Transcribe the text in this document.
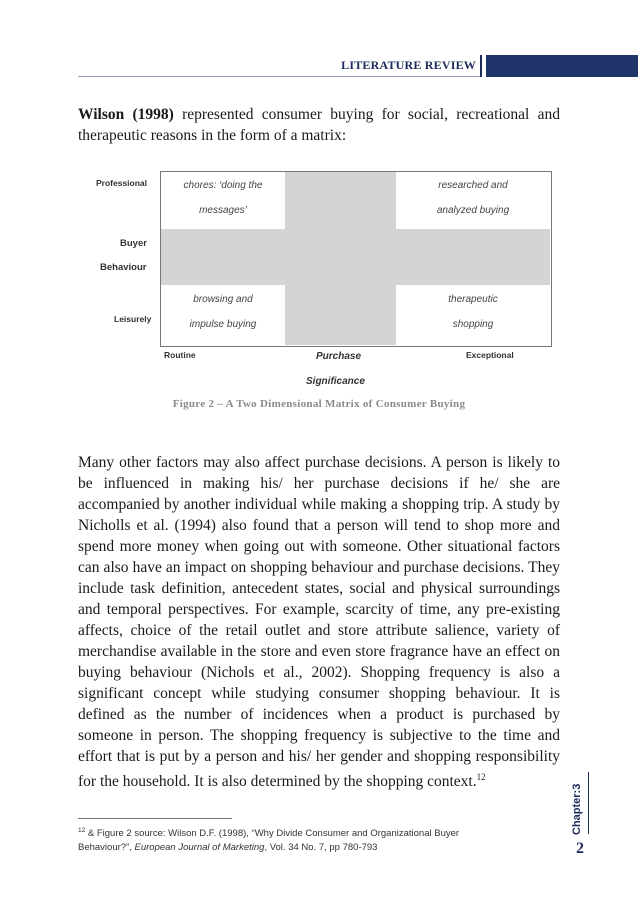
LITERATURE REVIEW

Wilson (1998) represented consumer buying for social, recreational and therapeutic reasons in the form of a matrix:

Professional
Buyer
Behaviour
Leisurely
chores: ‘doing the
messages’
researched and
analyzed buying
browsing and
impulse buying
therapeutic
shopping
Routine	Exceptional
Purchase
Significance
Figure 2 – A Two Dimensional Matrix of Consumer Buying

Many other factors may also affect purchase decisions. A person is likely to be influenced in making his/ her purchase decisions if he/ she are accompanied by another individual while making a shopping trip. A study by Nicholls et al. (1994) also found that a person will tend to shop more and spend more money when going out with someone. Other situational factors can also have an impact on shopping behaviour and purchase decisions. They include task definition, antecedent states, social and physical surroundings and temporal perspectives. For example, scarcity of time, any pre-existing affects, choice of the retail outlet and store attribute salience, variety of merchandise available in the store and even store fragrance have an effect on buying behaviour (Nichols et al., 2002). Shopping frequency is also a significant concept while studying consumer shopping behaviour. It is defined as the number of incidences when a product is purchased by someone in person. The shopping frequency is subjective to the time and effort that is put by a person and his/ her gender and shopping responsibility for the household. It is also determined by the shopping context.$^{12}$

$^{12}$ & Figure 2 source: Wilson D.F. (1998), “Why Divide Consumer and Organizational Buyer Behaviour?”, European Journal of Marketing, Vol. 34 No. 7, pp 780-793
Chapter:3
2
